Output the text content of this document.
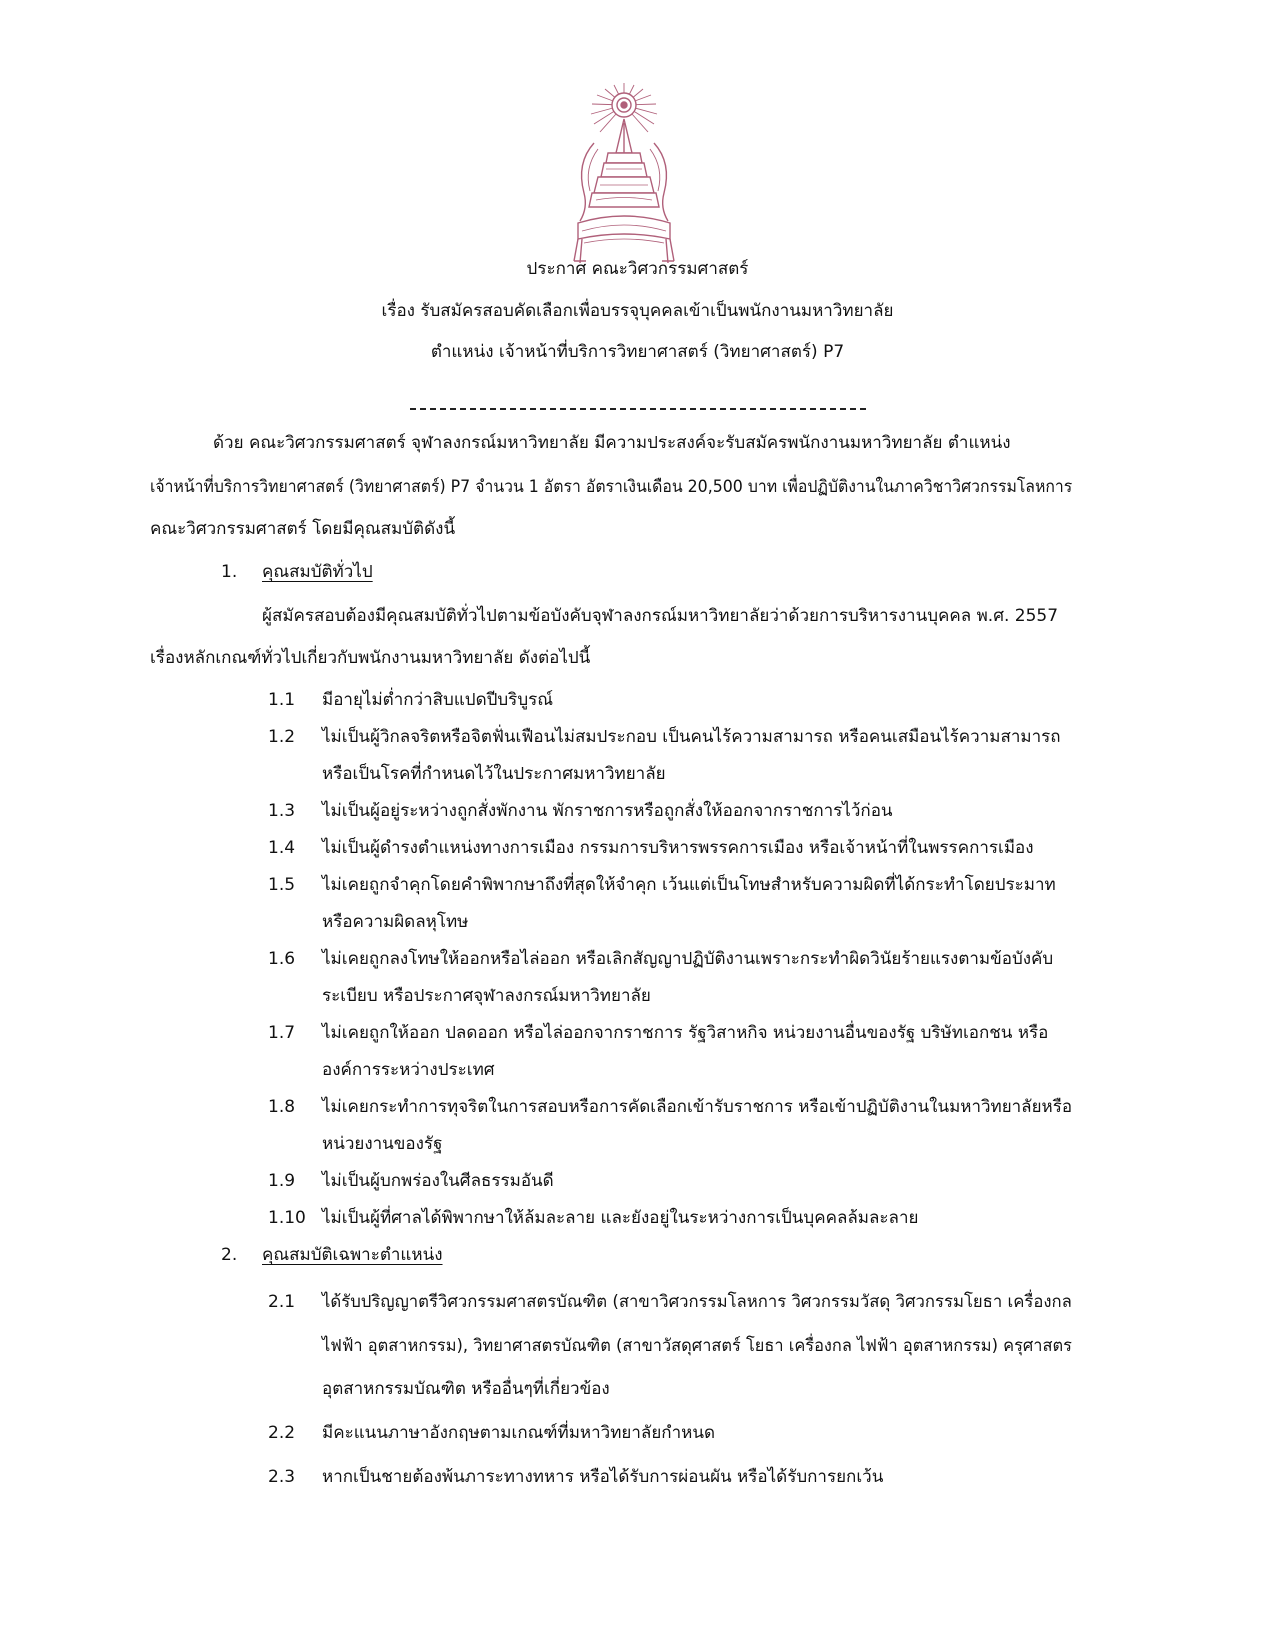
ประกาศ คณะวิศวกรรมศาสตร์
เรื่อง รับสมัครสอบคัดเลือกเพื่อบรรจุบุคคลเข้าเป็นพนักงานมหาวิทยาลัย
ตำแหน่ง เจ้าหน้าที่บริการวิทยาศาสตร์ (วิทยาศาสตร์) P7
ด้วย คณะวิศวกรรมศาสตร์ จุฬาลงกรณ์มหาวิทยาลัย มีความประสงค์จะรับสมัครพนักงานมหาวิทยาลัย ตำแหน่ง
เจ้าหน้าที่บริการวิทยาศาสตร์ (วิทยาศาสตร์) P7 จำนวน 1 อัตรา อัตราเงินเดือน 20,500 บาท เพื่อปฏิบัติงานในภาควิชาวิศวกรรมโลหการ
คณะวิศวกรรมศาสตร์ โดยมีคุณสมบัติดังนี้
1. คุณสมบัติทั่วไป
ผู้สมัครสอบต้องมีคุณสมบัติทั่วไปตามข้อบังคับจุฬาลงกรณ์มหาวิทยาลัยว่าด้วยการบริหารงานบุคคล พ.ศ. 2557
เรื่องหลักเกณฑ์ทั่วไปเกี่ยวกับพนักงานมหาวิทยาลัย ดังต่อไปนี้
1.1 มีอายุไม่ต่ำกว่าสิบแปดปีบริบูรณ์
1.2 ไม่เป็นผู้วิกลจริตหรือจิตฟั่นเฟือนไม่สมประกอบ เป็นคนไร้ความสามารถ หรือคนเสมือนไร้ความสามารถ
หรือเป็นโรคที่กำหนดไว้ในประกาศมหาวิทยาลัย
1.3 ไม่เป็นผู้อยู่ระหว่างถูกสั่งพักงาน พักราชการหรือถูกสั่งให้ออกจากราชการไว้ก่อน
1.4 ไม่เป็นผู้ดำรงตำแหน่งทางการเมือง กรรมการบริหารพรรคการเมือง หรือเจ้าหน้าที่ในพรรคการเมือง
1.5 ไม่เคยถูกจำคุกโดยคำพิพากษาถึงที่สุดให้จำคุก เว้นแต่เป็นโทษสำหรับความผิดที่ได้กระทำโดยประมาท
หรือความผิดลหุโทษ
1.6 ไม่เคยถูกลงโทษให้ออกหรือไล่ออก หรือเลิกสัญญาปฏิบัติงานเพราะกระทำผิดวินัยร้ายแรงตามข้อบังคับ
ระเบียบ หรือประกาศจุฬาลงกรณ์มหาวิทยาลัย
1.7 ไม่เคยถูกให้ออก ปลดออก หรือไล่ออกจากราชการ รัฐวิสาหกิจ หน่วยงานอื่นของรัฐ บริษัทเอกชน หรือ
องค์การระหว่างประเทศ
1.8 ไม่เคยกระทำการทุจริตในการสอบหรือการคัดเลือกเข้ารับราชการ หรือเข้าปฏิบัติงานในมหาวิทยาลัยหรือ
หน่วยงานของรัฐ
1.9 ไม่เป็นผู้บกพร่องในศีลธรรมอันดี
1.10 ไม่เป็นผู้ที่ศาลได้พิพากษาให้ล้มละลาย และยังอยู่ในระหว่างการเป็นบุคคลล้มละลาย
2. คุณสมบัติเฉพาะตำแหน่ง
2.1 ได้รับปริญญาตรีวิศวกรรมศาสตรบัณฑิต (สาขาวิศวกรรมโลหการ วิศวกรรมวัสดุ วิศวกรรมโยธา เครื่องกล
ไฟฟ้า อุตสาหกรรม), วิทยาศาสตรบัณฑิต (สาขาวัสดุศาสตร์ โยธา เครื่องกล ไฟฟ้า อุตสาหกรรม) ครุศาสตร
อุตสาหกรรมบัณฑิต หรืออื่นๆที่เกี่ยวข้อง
2.2 มีคะแนนภาษาอังกฤษตามเกณฑ์ที่มหาวิทยาลัยกำหนด
2.3 หากเป็นชายต้องพ้นภาระทางทหาร หรือได้รับการผ่อนผัน หรือได้รับการยกเว้น
